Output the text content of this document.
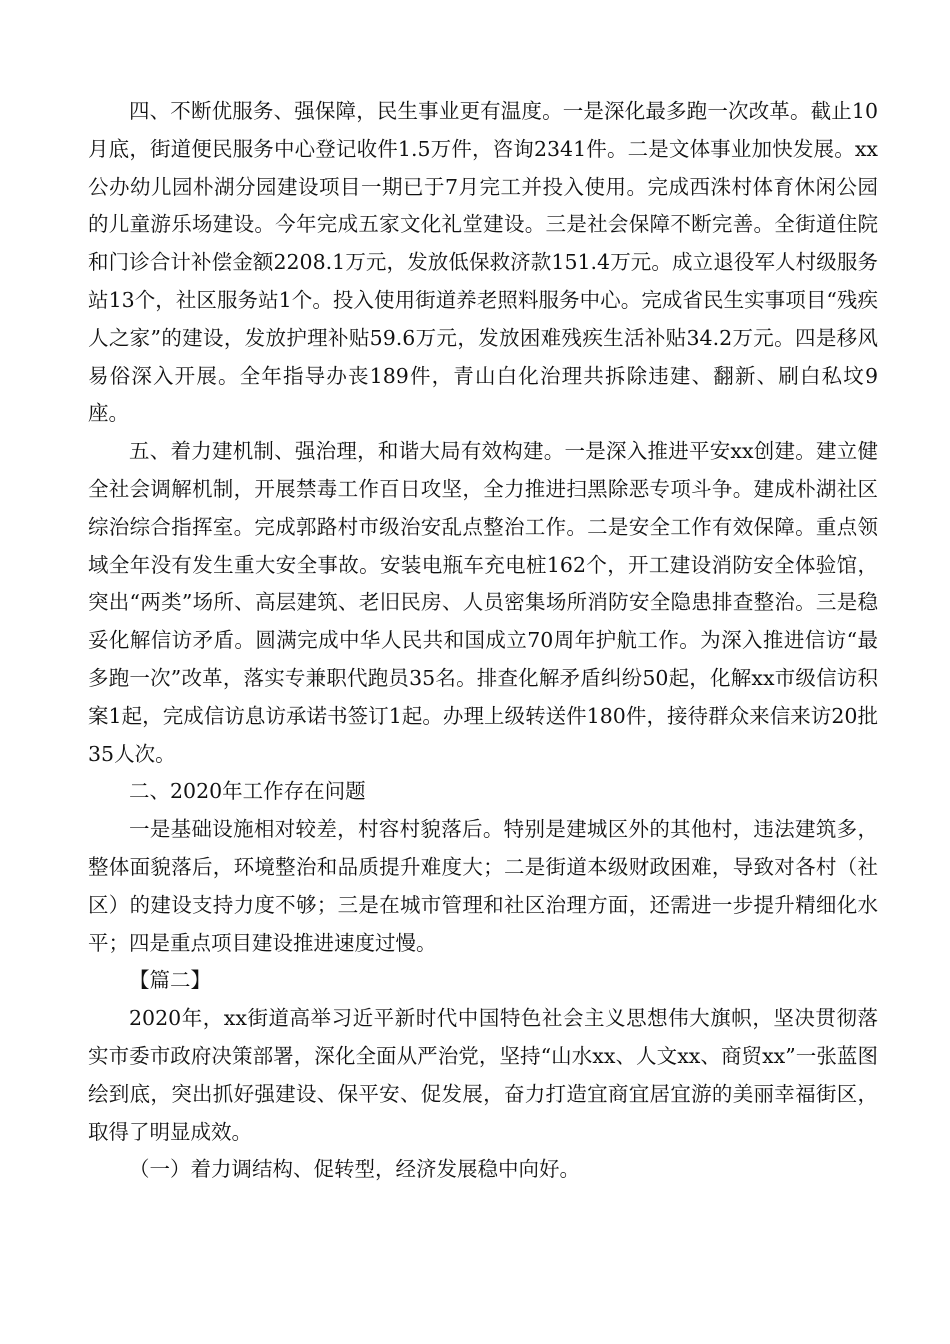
四、不断优服务、强保障，民生事业更有温度。一是深化最多跑一次改革。截止10月底，街道便民服务中心登记收件1.5万件，咨询2341件。二是文体事业加快发展。xx公办幼儿园朴湖分园建设项目一期已于7月完工并投入使用。完成西洙村体育休闲公园的儿童游乐场建设。今年完成五家文化礼堂建设。三是社会保障不断完善。全街道住院和门诊合计补偿金额2208.1万元，发放低保救济款151.4万元。成立退役军人村级服务站13个，社区服务站1个。投入使用街道养老照料服务中心。完成省民生实事项目“残疾人之家”的建设，发放护理补贴59.6万元，发放困难残疾生活补贴34.2万元。四是移风易俗深入开展。全年指导办丧189件，青山白化治理共拆除违建、翻新、刷白私坟9座。

五、着力建机制、强治理，和谐大局有效构建。一是深入推进平安xx创建。建立健全社会调解机制，开展禁毒工作百日攻坚，全力推进扫黑除恶专项斗争。建成朴湖社区综治综合指挥室。完成郭路村市级治安乱点整治工作。二是安全工作有效保障。重点领域全年没有发生重大安全事故。安装电瓶车充电桩162个，开工建设消防安全体验馆，突出“两类”场所、高层建筑、老旧民房、人员密集场所消防安全隐患排查整治。三是稳妥化解信访矛盾。圆满完成中华人民共和国成立70周年护航工作。为深入推进信访“最多跑一次”改革，落实专兼职代跑员35名。排查化解矛盾纠纷50起，化解xx市级信访积案1起，完成信访息访承诺书签订1起。办理上级转送件180件，接待群众来信来访20批35人次。

二、2020年工作存在问题

一是基础设施相对较差，村容村貌落后。特别是建城区外的其他村，违法建筑多，整体面貌落后，环境整治和品质提升难度大；二是街道本级财政困难，导致对各村（社区）的建设支持力度不够；三是在城市管理和社区治理方面，还需进一步提升精细化水平；四是重点项目建设推进速度过慢。

【篇二】

2020年，xx街道高举习近平新时代中国特色社会主义思想伟大旗帜，坚决贯彻落实市委市政府决策部署，深化全面从严治党，坚持“山水xx、人文xx、商贸xx”一张蓝图绘到底，突出抓好强建设、保平安、促发展，奋力打造宜商宜居宜游的美丽幸福街区，取得了明显成效。

（一）着力调结构、促转型，经济发展稳中向好。
